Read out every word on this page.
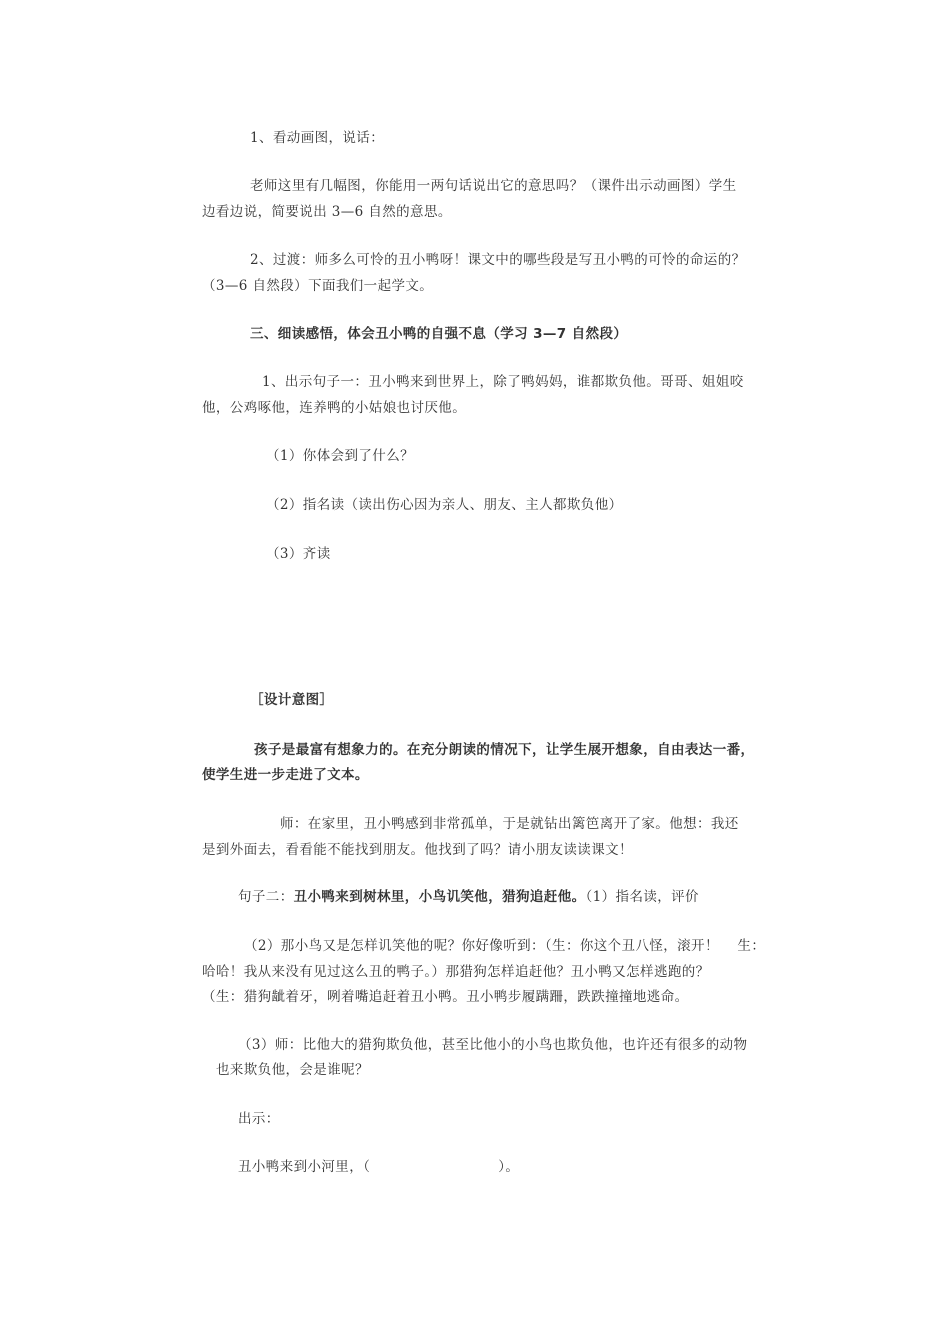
1、看动画图，说话：
老师这里有几幅图，你能用一两句话说出它的意思吗？（课件出示动画图）学生
边看边说，简要说出 3—6 自然的意思。
2、过渡：师多么可怜的丑小鸭呀！课文中的哪些段是写丑小鸭的可怜的命运的？
（3—6 自然段）下面我们一起学文。
三、细读感悟，体会丑小鸭的自强不息（学习 3—7 自然段）
1、出示句子一：丑小鸭来到世界上，除了鸭妈妈，谁都欺负他。哥哥、姐姐咬
他，公鸡啄他，连养鸭的小姑娘也讨厌他。
（1）你体会到了什么？
（2）指名读（读出伤心因为亲人、朋友、主人都欺负他）
（3）齐读
［设计意图］
孩子是最富有想象力的。在充分朗读的情况下，让学生展开想象，自由表达一番，
使学生进一步走进了文本。
师：在家里，丑小鸭感到非常孤单，于是就钻出篱笆离开了家。他想：我还
是到外面去，看看能不能找到朋友。他找到了吗？请小朋友读读课文！
句子二：丑小鸭来到树林里，小鸟讥笑他，猎狗追赶他。（1）指名读，评价
（2）那小鸟又是怎样讥笑他的呢？你好像听到：（生：你这个丑八怪，滚开！　 生：
哈哈！我从来没有见过这么丑的鸭子。）那猎狗怎样追赶他？丑小鸭又怎样逃跑的？
（生：猎狗龇着牙，咧着嘴追赶着丑小鸭。丑小鸭步履蹒跚，跌跌撞撞地逃命。
（3）师：比他大的猎狗欺负他，甚至比他小的小鸟也欺负他，也许还有很多的动物
也来欺负他，会是谁呢？
出示：
丑小鸭来到小河里，（	）。
